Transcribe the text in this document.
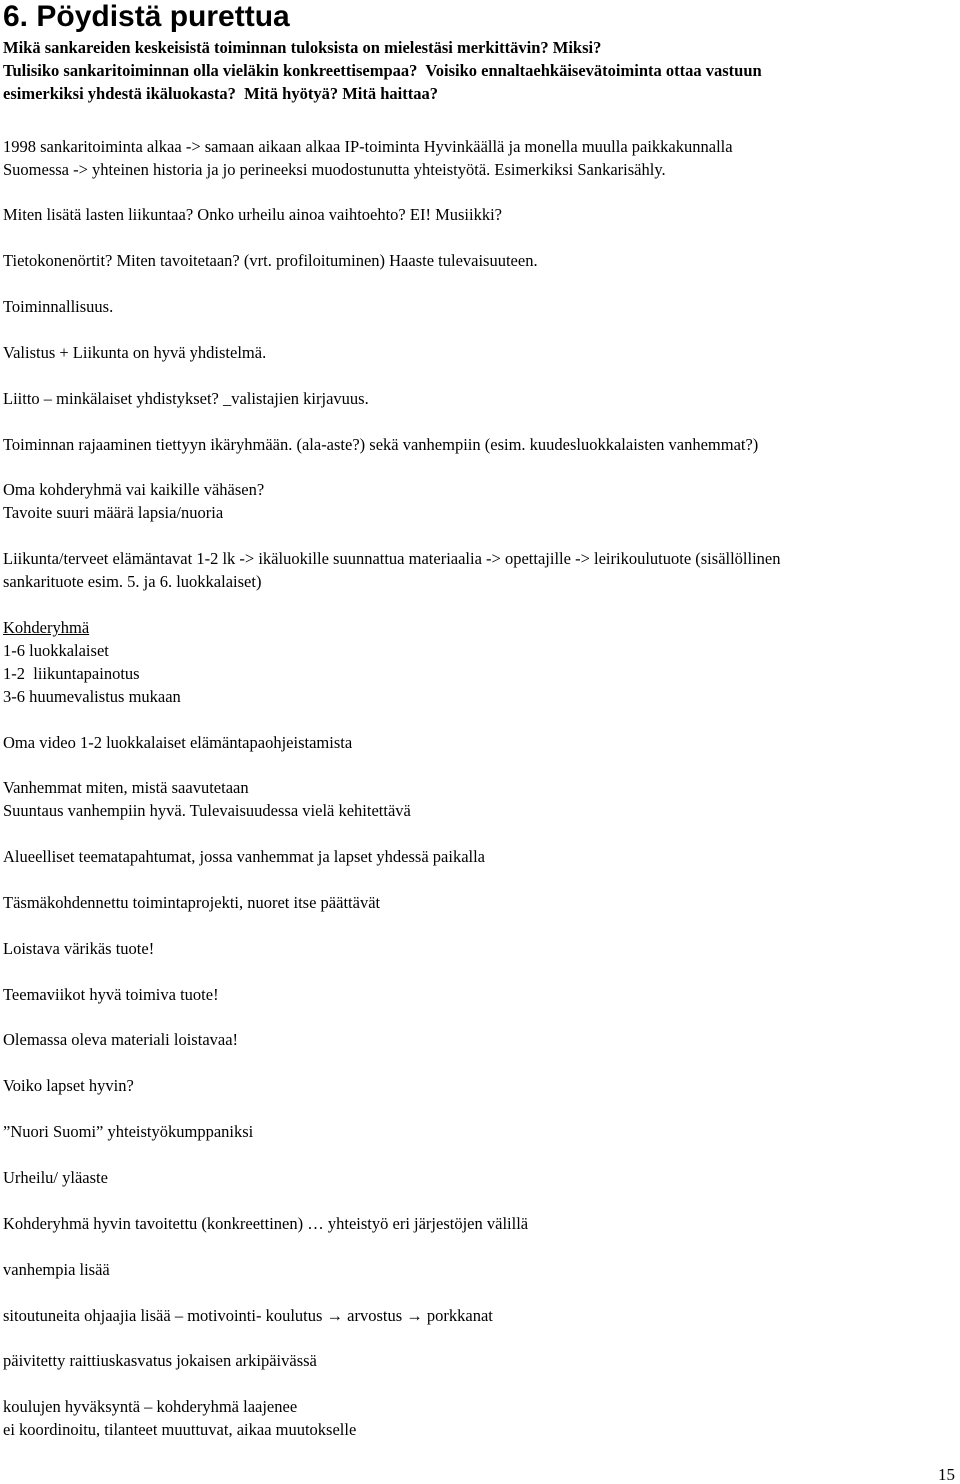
6. Pöydistä purettua

Mikä sankareiden keskeisistä toiminnan tuloksista on mielestäsi merkittävin? Miksi?

Tulisiko sankaritoiminnan olla vieläkin konkreettisempaa?  Voisiko ennaltaehkäisevätoiminta ottaa vastuun

esimerkiksi yhdestä ikäluokasta?  Mitä hyötyä? Mitä haittaa?

1998 sankaritoiminta alkaa -> samaan aikaan alkaa IP-toiminta Hyvinkäällä ja monella muulla paikkakunnalla

Suomessa -> yhteinen historia ja jo perineeksi muodostunutta yhteistyötä. Esimerkiksi Sankarisähly.

Miten lisätä lasten liikuntaa? Onko urheilu ainoa vaihtoehto? EI! Musiikki?

Tietokonenörtit? Miten tavoitetaan? (vrt. profiloituminen) Haaste tulevaisuuteen.

Toiminnallisuus.

Valistus + Liikunta on hyvä yhdistelmä.

Liitto – minkälaiset yhdistykset? _valistajien kirjavuus.

Toiminnan rajaaminen tiettyyn ikäryhmään. (ala-aste?) sekä vanhempiin (esim. kuudesluokkalaisten vanhemmat?)

Oma kohderyhmä vai kaikille vähäsen?

Tavoite suuri määrä lapsia/nuoria

Liikunta/terveet elämäntavat 1-2 lk -> ikäluokille suunnattua materiaalia -> opettajille -> leirikoulutuote (sisällöllinen

sankarituote esim. 5. ja 6. luokkalaiset)

Kohderyhmä

1-6 luokkalaiset

1-2  liikuntapainotus

3-6 huumevalistus mukaan

Oma video 1-2 luokkalaiset elämäntapaohjeistamista

Vanhemmat miten, mistä saavutetaan

Suuntaus vanhempiin hyvä. Tulevaisuudessa vielä kehitettävä

Alueelliset teematapahtumat, jossa vanhemmat ja lapset yhdessä paikalla

Täsmäkohdennettu toimintaprojekti, nuoret itse päättävät

Loistava värikäs tuote!

Teemaviikot hyvä toimiva tuote!

Olemassa oleva materiali loistavaa!

Voiko lapset hyvin?

”Nuori Suomi” yhteistyökumppaniksi

Urheilu/ yläaste

Kohderyhmä hyvin tavoitettu (konkreettinen) … yhteistyö eri järjestöjen välillä

vanhempia lisää

sitoutuneita ohjaajia lisää – motivointi- koulutus → arvostus → porkkanat

päivitetty raittiuskasvatus jokaisen arkipäivässä

koulujen hyväksyntä – kohderyhmä laajenee

ei koordinoitu, tilanteet muuttuvat, aikaa muutokselle

15
